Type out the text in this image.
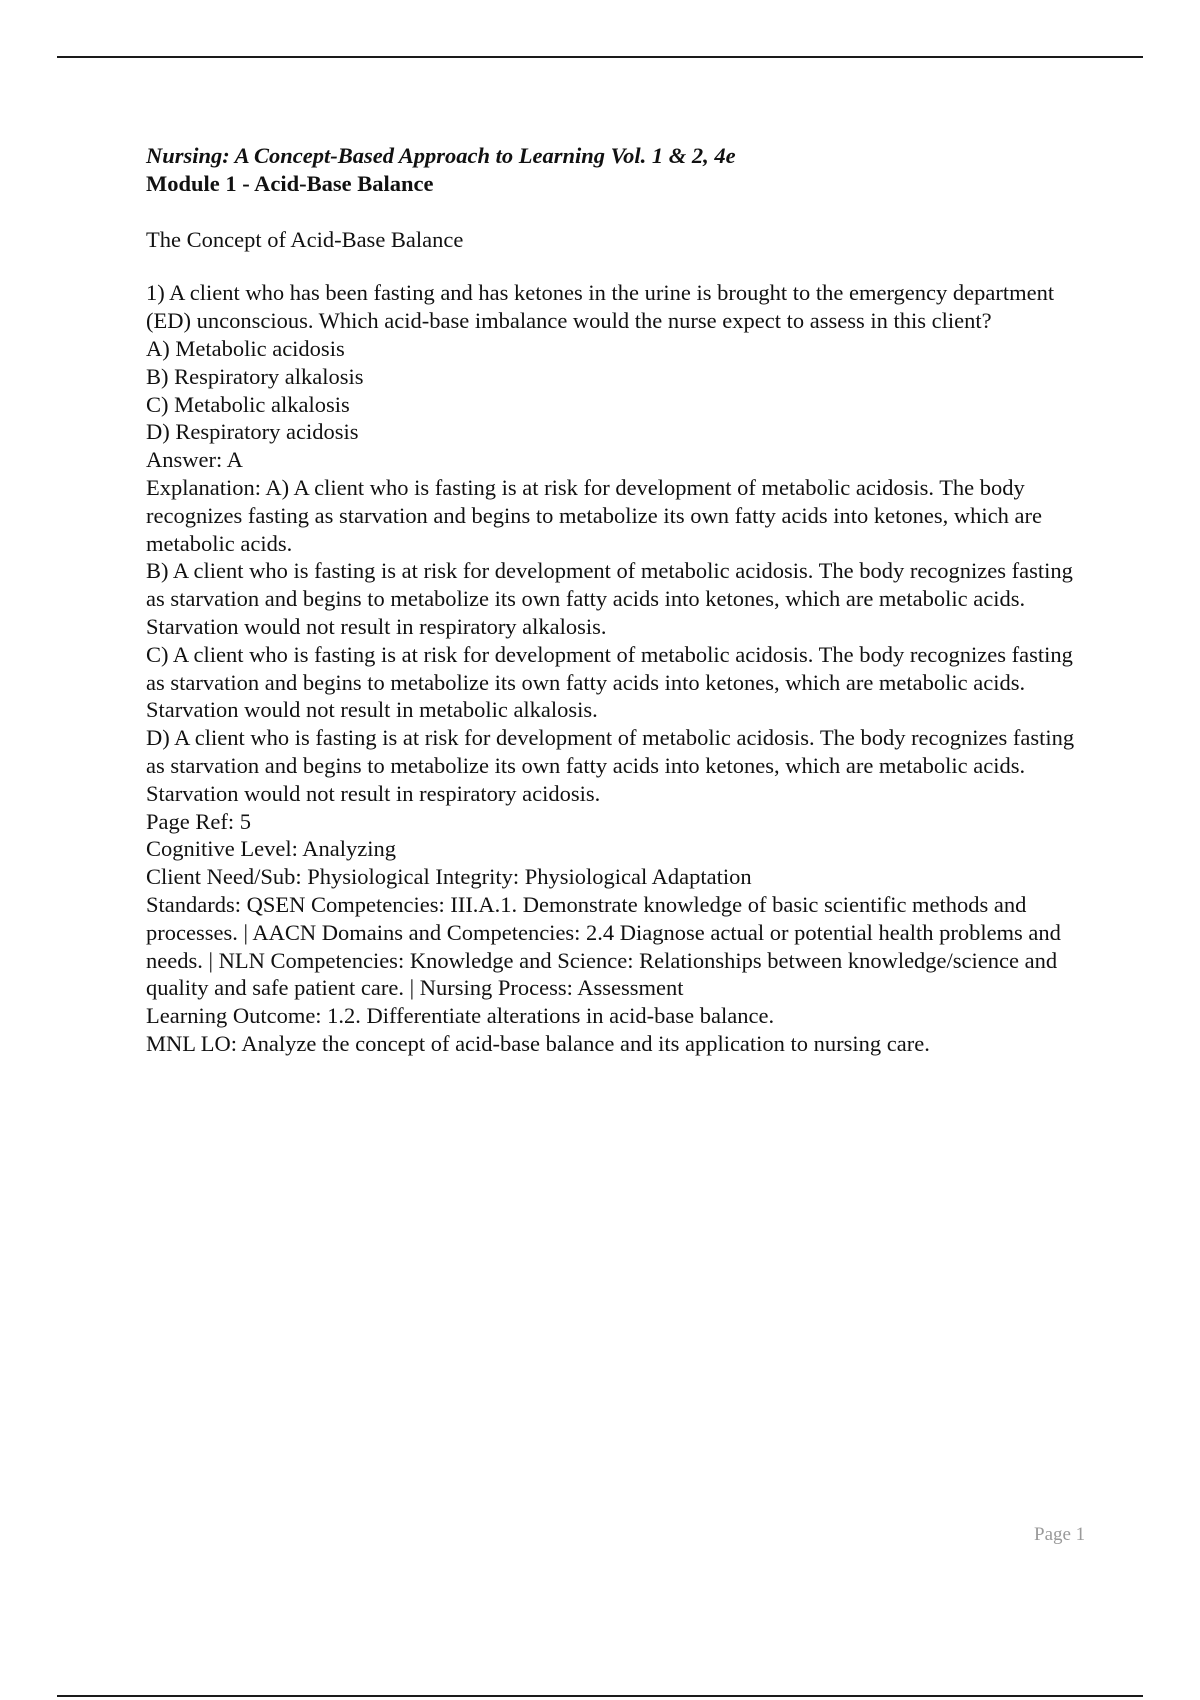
Nursing: A Concept-Based Approach to Learning Vol. 1 & 2, 4e

Module 1 - Acid-Base Balance

The Concept of Acid-Base Balance

1) A client who has been fasting and has ketones in the urine is brought to the emergency department (ED) unconscious. Which acid-base imbalance would the nurse expect to assess in this client?

A) Metabolic acidosis

B) Respiratory alkalosis

C) Metabolic alkalosis

D) Respiratory acidosis

Answer: A

Explanation: A) A client who is fasting is at risk for development of metabolic acidosis. The body recognizes fasting as starvation and begins to metabolize its own fatty acids into ketones, which are metabolic acids.

B) A client who is fasting is at risk for development of metabolic acidosis. The body recognizes fasting as starvation and begins to metabolize its own fatty acids into ketones, which are metabolic acids. Starvation would not result in respiratory alkalosis.

C) A client who is fasting is at risk for development of metabolic acidosis. The body recognizes fasting as starvation and begins to metabolize its own fatty acids into ketones, which are metabolic acids. Starvation would not result in metabolic alkalosis.

D) A client who is fasting is at risk for development of metabolic acidosis. The body recognizes fasting as starvation and begins to metabolize its own fatty acids into ketones, which are metabolic acids. Starvation would not result in respiratory acidosis.

Page Ref: 5

Cognitive Level: Analyzing

Client Need/Sub: Physiological Integrity: Physiological Adaptation

Standards: QSEN Competencies: III.A.1. Demonstrate knowledge of basic scientific methods and processes. | AACN Domains and Competencies: 2.4 Diagnose actual or potential health problems and needs. | NLN Competencies: Knowledge and Science: Relationships between knowledge/science and quality and safe patient care. | Nursing Process: Assessment

Learning Outcome: 1.2. Differentiate alterations in acid-base balance.

MNL LO: Analyze the concept of acid-base balance and its application to nursing care.

Page 1
